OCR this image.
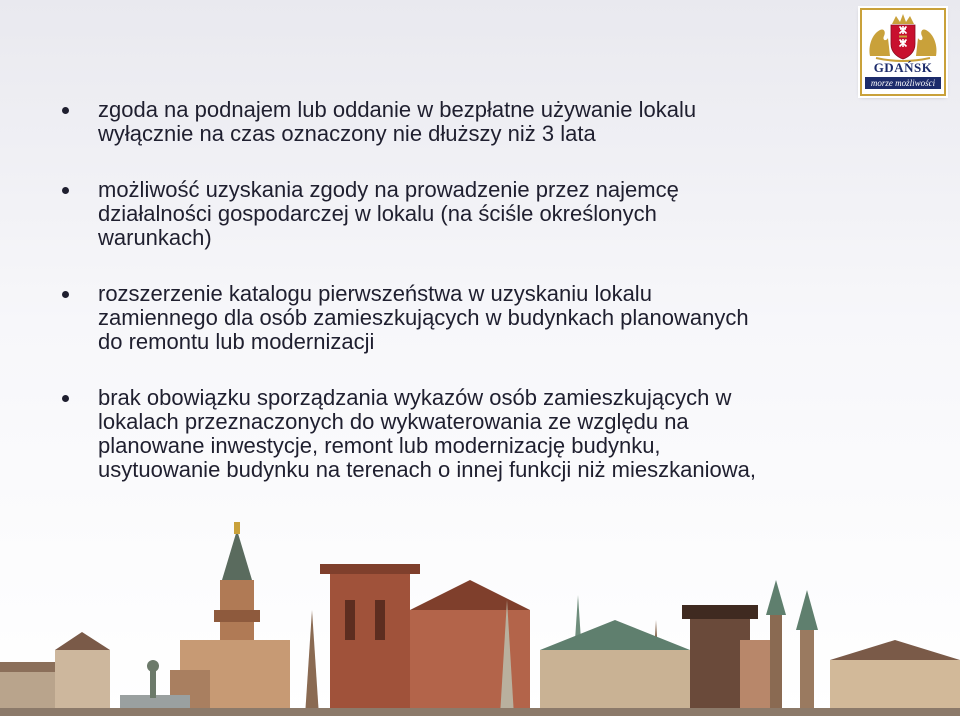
GDAŃSK
morze możliwości
zgoda na podnajem lub oddanie w bezpłatne używanie lokalu
wyłącznie na czas oznaczony nie dłuższy niż 3 lata
możliwość uzyskania zgody na prowadzenie przez najemcę
działalności gospodarczej w lokalu (na ściśle określonych
warunkach)
rozszerzenie katalogu pierwszeństwa w uzyskaniu lokalu
zamiennego dla osób zamieszkujących w budynkach planowanych
do remontu lub modernizacji
brak obowiązku sporządzania wykazów osób zamieszkujących w
lokalach przeznaczonych do wykwaterowania ze względu na
planowane inwestycje, remont lub modernizację budynku,
usytuowanie budynku na terenach o innej funkcji niż mieszkaniowa,
